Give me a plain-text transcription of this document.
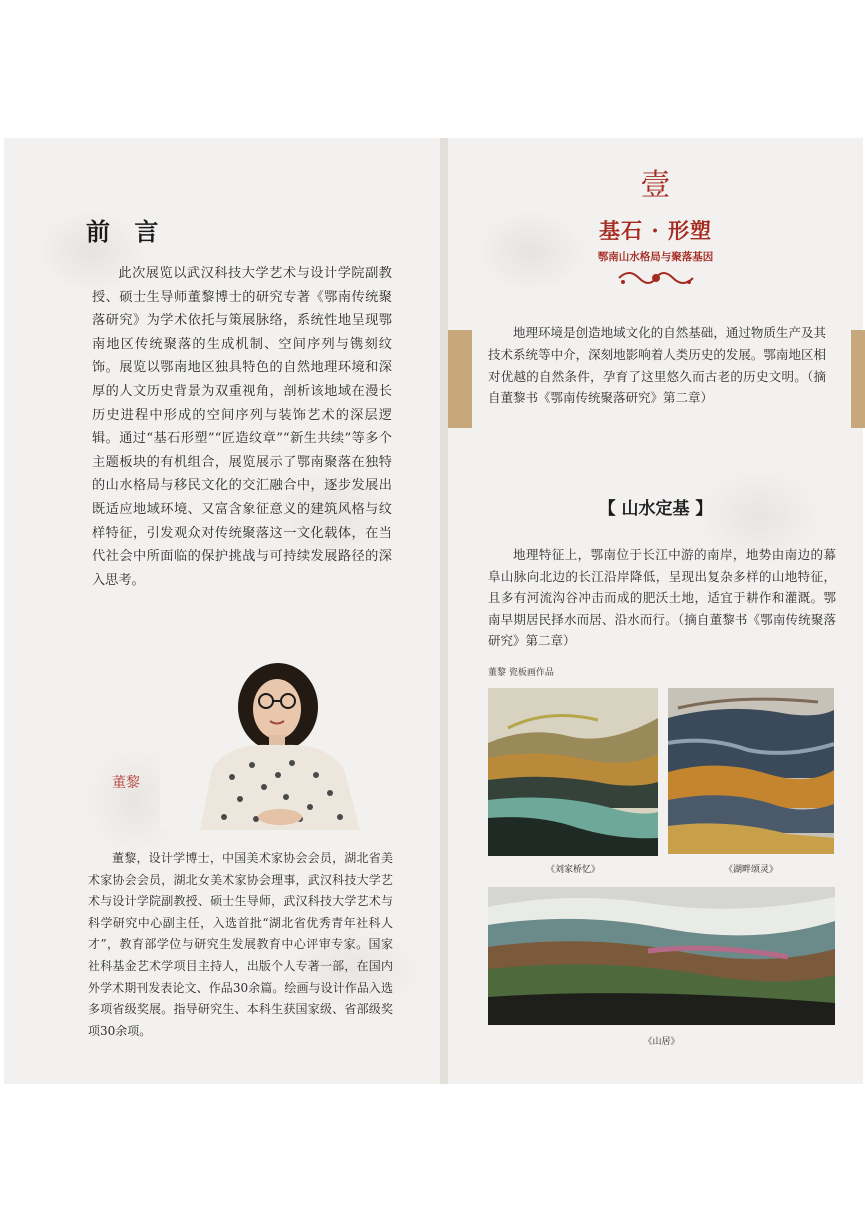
前 言

此次展览以武汉科技大学艺术与设计学院副教授、硕士生导师董黎博士的研究专著《鄂南传统聚落研究》为学术依托与策展脉络，系统性地呈现鄂南地区传统聚落的生成机制、空间序列与镌刻纹饰。展览以鄂南地区独具特色的自然地理环境和深厚的人文历史背景为双重视角，剖析该地域在漫长历史进程中形成的空间序列与装饰艺术的深层逻辑。通过“基石形塑”“匠造纹章”“新生共续”等多个主题板块的有机组合，展览展示了鄂南聚落在独特的山水格局与移民文化的交汇融合中，逐步发展出既适应地域环境、又富含象征意义的建筑风格与纹样特征，引发观众对传统聚落这一文化载体，在当代社会中所面临的保护挑战与可持续发展路径的深入思考。

董黎

董黎，设计学博士，中国美术家协会会员，湖北省美术家协会会员，湖北女美术家协会理事，武汉科技大学艺术与设计学院副教授、硕士生导师，武汉科技大学艺术与科学研究中心副主任，入选首批“湖北省优秀青年社科人才”，教育部学位与研究生发展教育中心评审专家。国家社科基金艺术学项目主持人，出版个人专著一部，在国内外学术期刊发表论文、作品30余篇。绘画与设计作品入选多项省级奖展。指导研究生、本科生获国家级、省部级奖项30余项。

壹
基石 · 形塑
鄂南山水格局与聚落基因
【 山水定基 】

地理环境是创造地域文化的自然基础，通过物质生产及其技术系统等中介，深刻地影响着人类历史的发展。鄂南地区相对优越的自然条件，孕育了这里悠久而古老的历史文明。（摘自董黎书《鄂南传统聚落研究》第二章）

地理特征上，鄂南位于长江中游的南岸，地势由南边的幕阜山脉向北边的长江沿岸降低，呈现出复杂多样的山地特征，且多有河流沟谷冲击而成的肥沃土地，适宜于耕作和灌溉。鄂南早期居民择水而居、沿水而行。（摘自董黎书《鄂南传统聚落研究》第二章）

董黎 瓷板画作品
《刘家桥忆》	《湖畔颂灵》
《山居》
